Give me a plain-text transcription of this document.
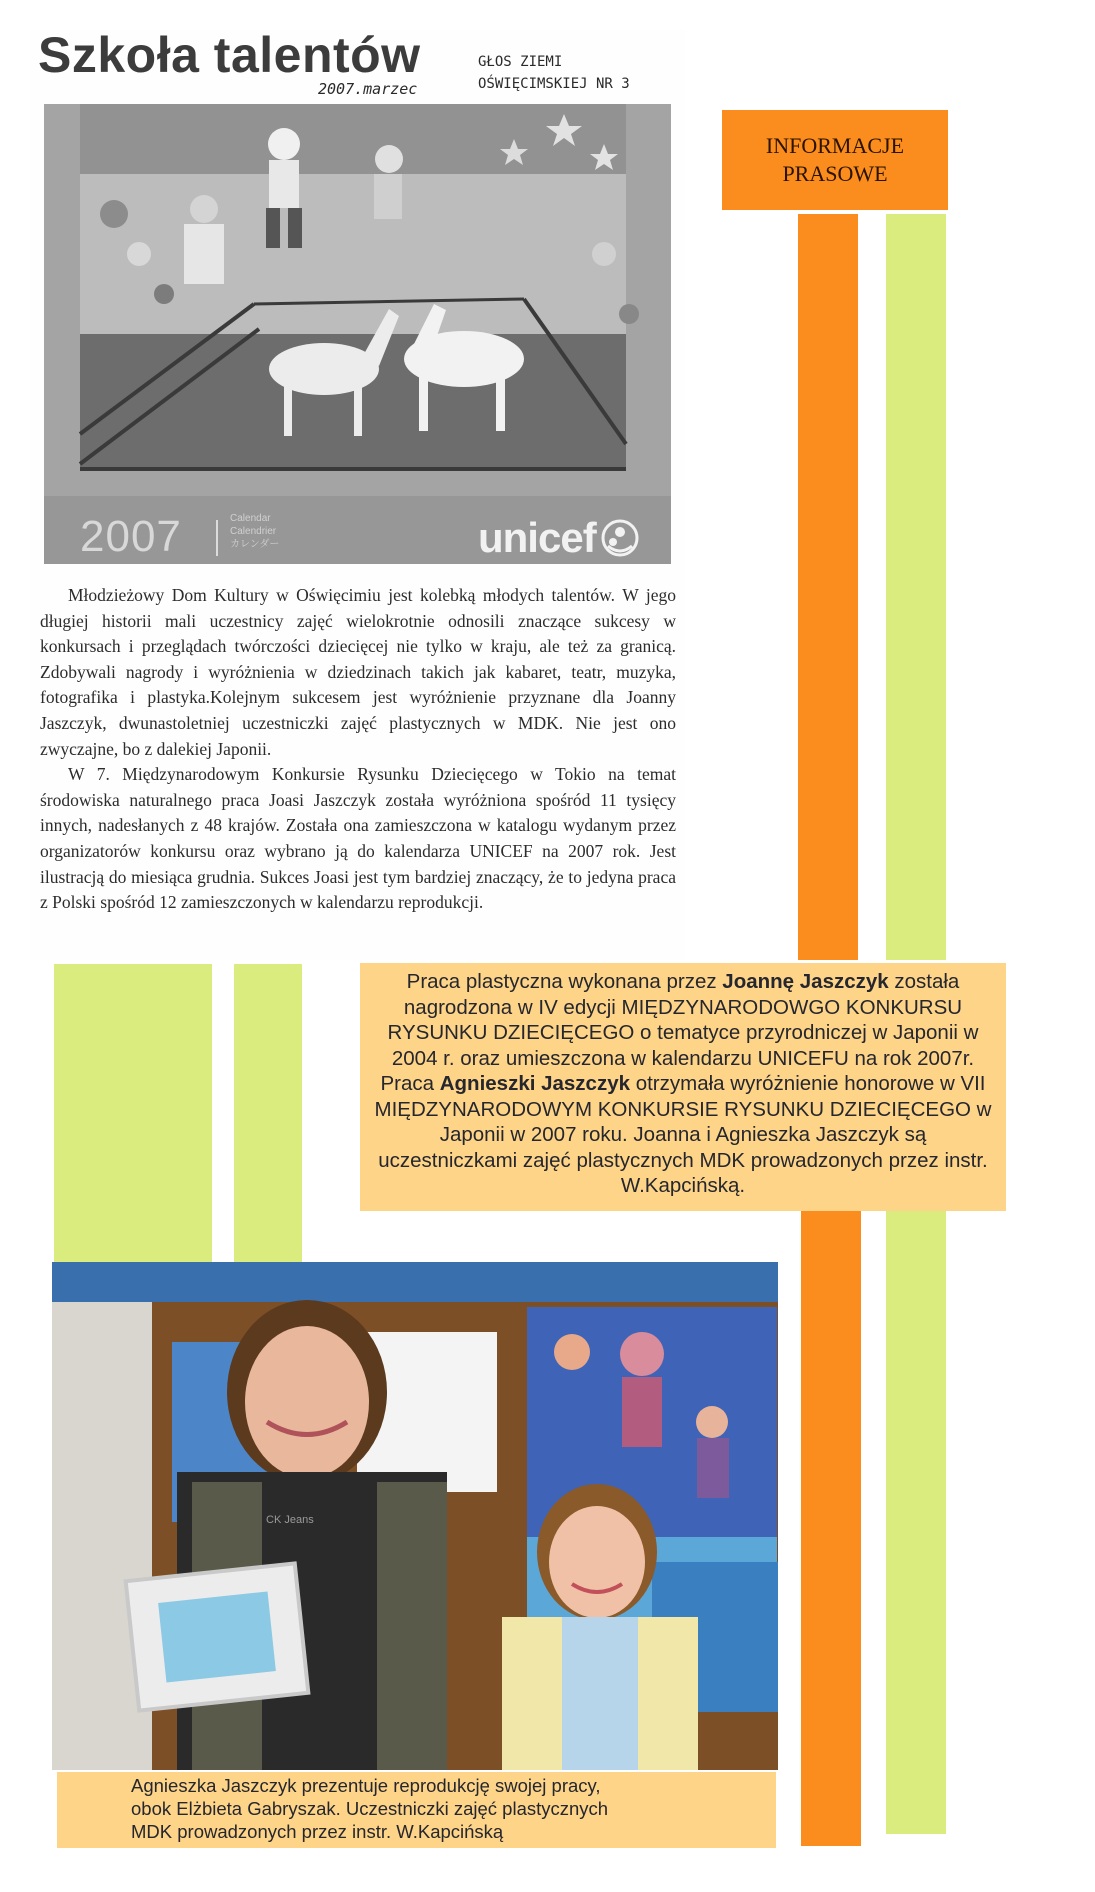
Szkoła talentów	GŁOS ZIEMI
OŚWIĘCIMSKIEJ NR 3
2007.marzec
INFORMACJE
PRASOWE
2007	Calendar
Calendrier
カレンダー	unicef

Młodzieżowy Dom Kultury w Oświęcimiu jest kolebką młodych talentów. W jego długiej historii mali uczestnicy zajęć wielokrotnie odnosili znaczące sukcesy w konkursach i przeglądach twórczości dziecięcej nie tylko w kraju, ale też za granicą. Zdobywali nagrody i wyróżnienia w dziedzinach takich jak kabaret, teatr, muzyka, fotografika i plastyka.Kolejnym sukcesem jest wyróżnienie przyznane dla Joanny Jaszczyk, dwunastoletniej uczestniczki zajęć plastycznych w MDK. Nie jest ono zwyczajne, bo z dalekiej Japonii.

W 7. Międzynarodowym Konkursie Rysunku Dziecięcego w Tokio na temat środowiska naturalnego praca Joasi Jaszczyk została wyróżniona spośród 11 tysięcy innych, nadesłanych z 48 krajów. Została ona zamieszczona w katalogu wydanym przez organizatorów konkursu oraz wybrano ją do kalendarza UNICEF na 2007 rok. Jest ilustracją do miesiąca grudnia. Sukces Joasi jest tym bardziej znaczący, że to jedyna praca z Polski spośród 12 zamieszczonych w kalendarzu reprodukcji.

Praca plastyczna wykonana przez Joannę Jaszczyk została nagrodzona w IV edycji MIĘDZYNARODOWGO KONKURSU RYSUNKU DZIECIĘCEGO o tematyce przyrodniczej w Japonii w 2004 r. oraz umieszczona w kalendarzu UNICEFU na rok 2007r.
Praca Agnieszki Jaszczyk otrzymała wyróżnienie honorowe w VII MIĘDZYNARODOWYM KONKURSIE RYSUNKU DZIECIĘCEGO w Japonii w 2007 roku. Joanna i Agnieszka Jaszczyk są uczestniczkami zajęć plastycznych MDK prowadzonych przez instr. W.Kapcińską.
CK Jeans
Agnieszka Jaszczyk prezentuje reprodukcję swojej pracy,
obok Elżbieta Gabryszak. Uczestniczki zajęć plastycznych
MDK prowadzonych przez instr. W.Kapcińską
